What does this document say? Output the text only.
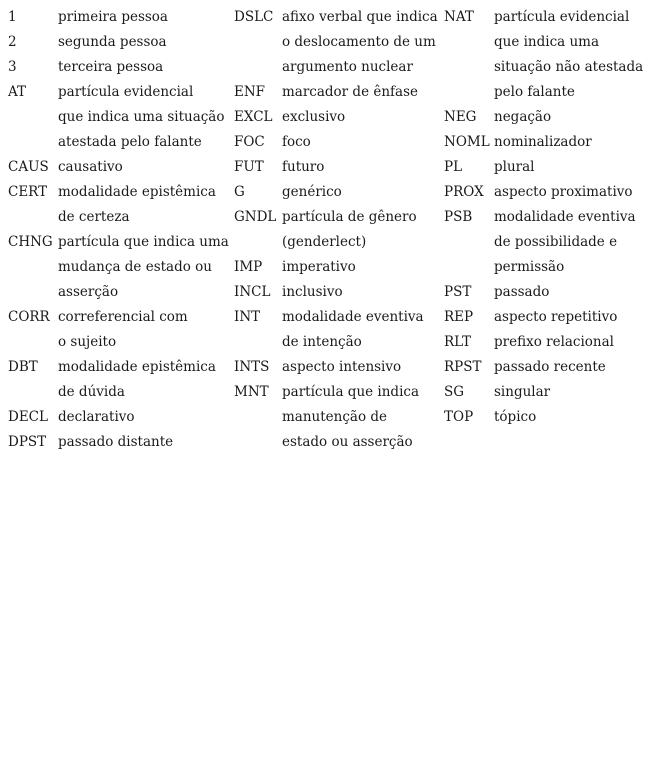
1	primeira pessoa
2	segunda pessoa
3	terceira pessoa
AT	partícula evidencial
que indica uma situação
atestada pelo falante
CAUS causativo
CERT modalidade epistêmica
de certeza
CHNG partícula que indica uma
mudança de estado ou
asserção
CORR correferencial com
o sujeito
DBT	modalidade epistêmica
de dúvida
DECL declarativo
DPST passado distante
DSLC afixo verbal que indica
o deslocamento de um
argumento nuclear
ENF	marcador de ênfase
EXCL exclusivo
FOC	foco
FUT	futuro
G	genérico
GNDL partícula de gênero
(genderlect)
IMP	imperativo
INCL inclusivo
INT	modalidade eventiva
de intenção
INTS aspecto intensivo
MNT partícula que indica
manutenção de
estado ou asserção
NAT	partícula evidencial
que indica uma
situação não atestada
pelo falante
NEG	negação
NOML nominalizador
PL	plural
PROX aspecto proximativo
PSB	modalidade eventiva
de possibilidade e
permissão
PST	passado
REP	aspecto repetitivo
RLT	prefixo relacional
RPST passado recente
SG	singular
TOP	tópico
